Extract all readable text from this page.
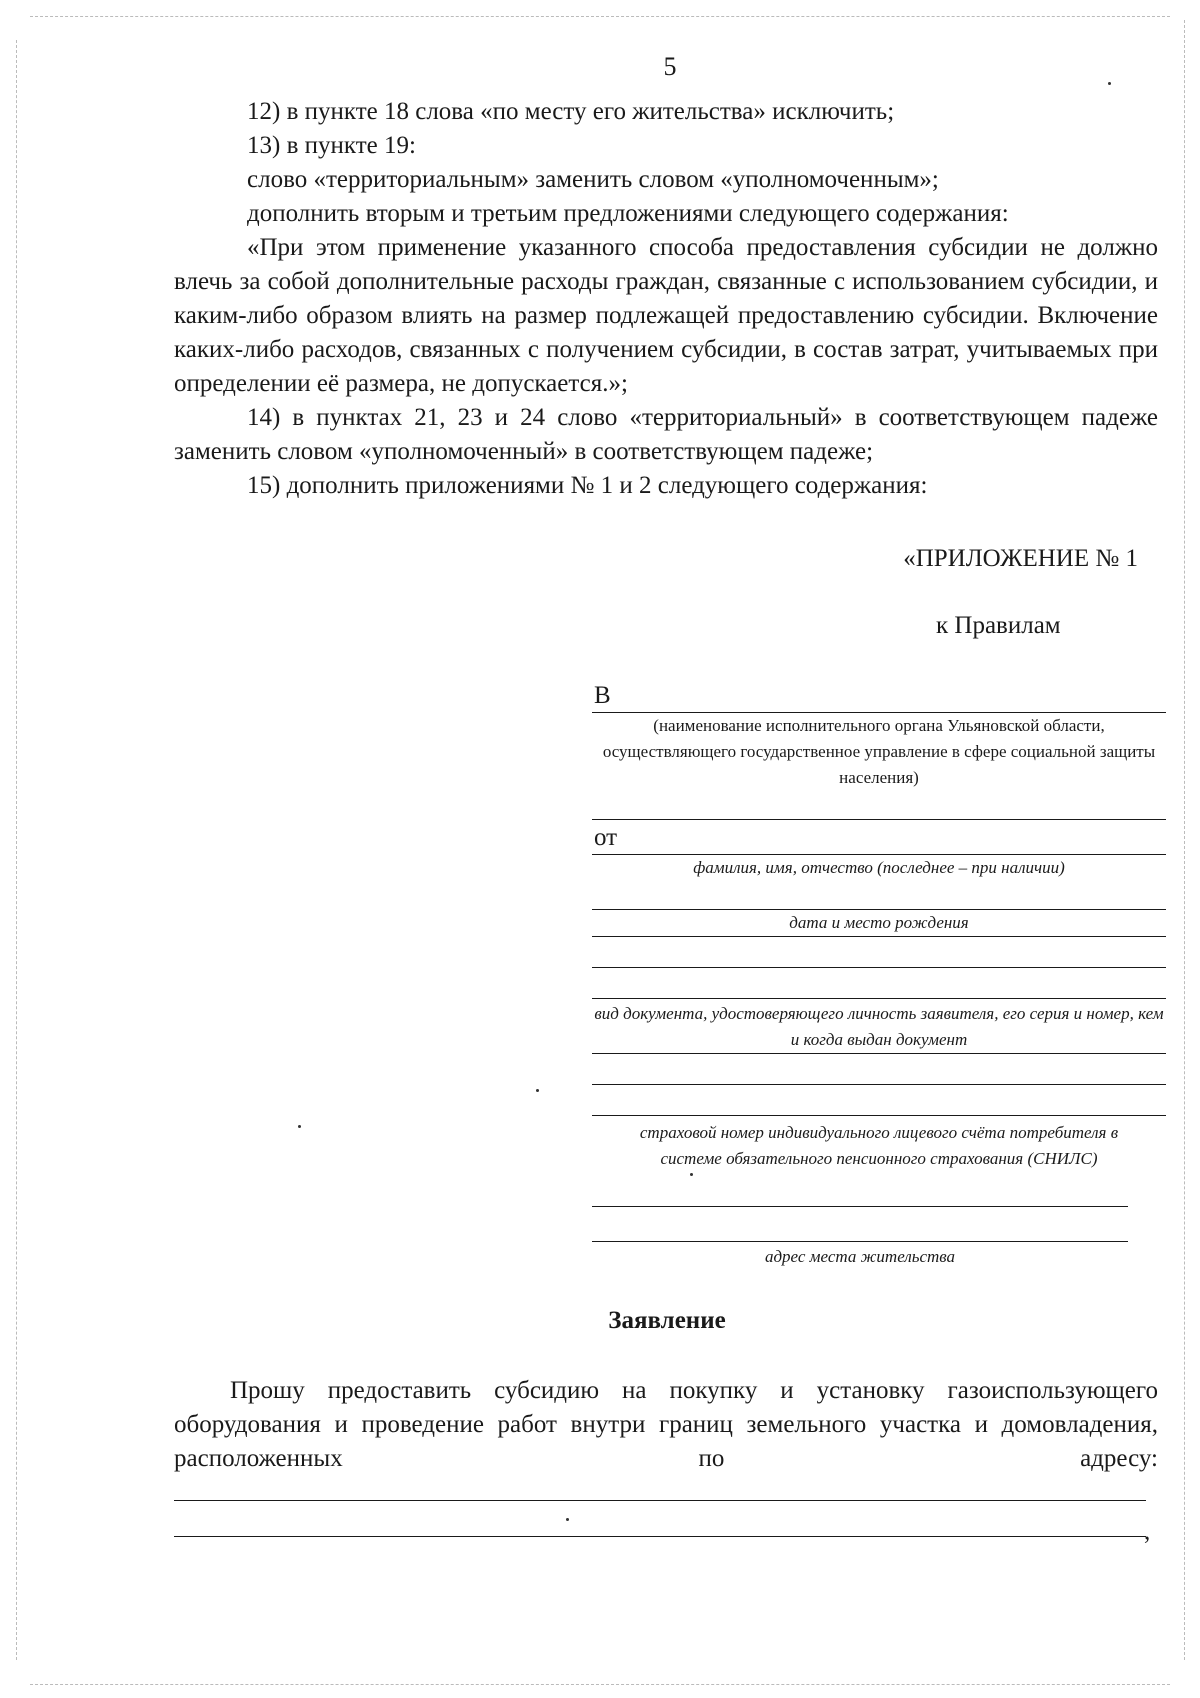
5

12) в пункте 18 слова «по месту его жительства» исключить;

13) в пункте 19:

слово «территориальным» заменить словом «уполномоченным»;

дополнить вторым и третьим предложениями следующего содержания:

«При этом применение указанного способа предоставления субсидии не должно влечь за собой дополнительные расходы граждан, связанные с использованием субсидии, и каким-либо образом влиять на размер подлежащей предоставлению субсидии. Включение каких-либо расходов, связанных с получением субсидии, в состав затрат, учитываемых при определении её размера, не допускается.»;

14) в пунктах 21, 23 и 24 слово «территориальный» в соответствующем падеже заменить словом «уполномоченный» в соответствующем падеже;

15) дополнить приложениями № 1 и 2 следующего содержания:

«ПРИЛОЖЕНИЕ № 1
к Правилам
В
(наименование исполнительного органа Ульяновской области, осуществляющего государственное управление в сфере социальной защиты населения)
от
фамилия, имя, отчество (последнее – при наличии)
дата и место рождения
вид документа, удостоверяющего личность заявителя, его серия и номер, кем и когда выдан документ
страховой номер индивидуального лицевого счёта потребителя в системе обязательного пенсионного страхования (СНИЛС)
адрес места жительства
Заявление

Прошу предоставить субсидию на покупку и установку газоиспользующего оборудования и проведение работ внутри границ земельного участка и домовладения, расположенных по адресу:

,
